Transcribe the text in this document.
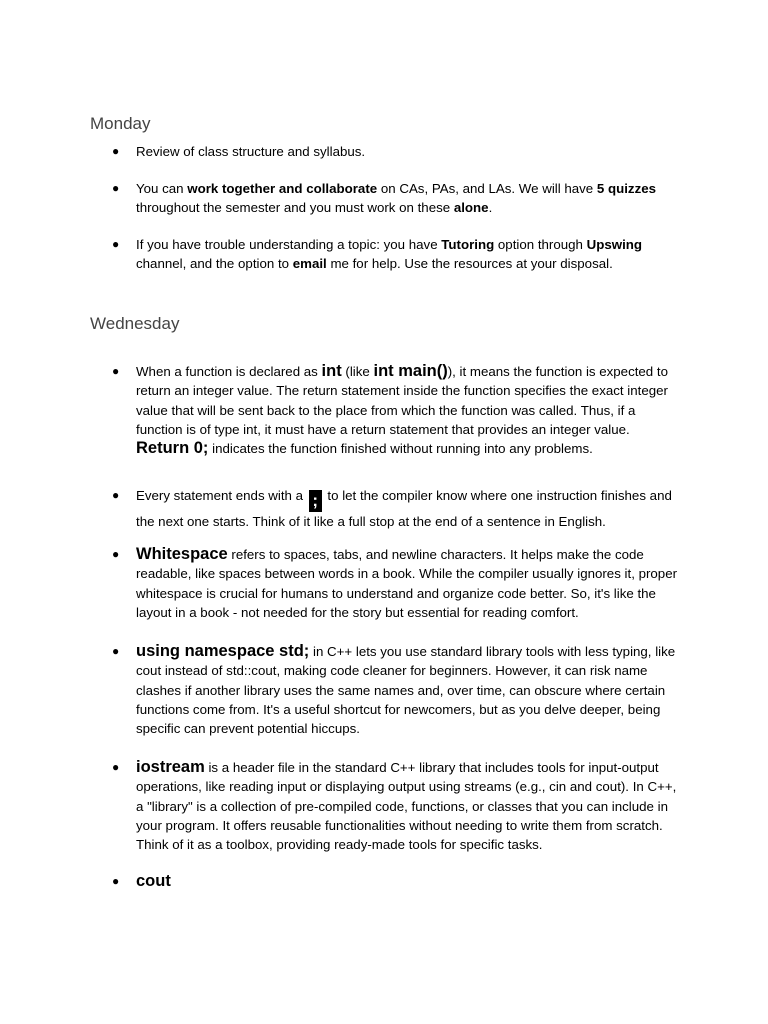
Monday
● Review of class structure and syllabus.

● You can work together and collaborate on CAs, PAs, and LAs. We will have 5 quizzes throughout the semester and you must work on these alone.

● If you have trouble understanding a topic: you have Tutoring option through Upswing channel, and the option to email me for help. Use the resources at your disposal.

Wednesday
● When a function is declared as int (like int main()), it means the function is expected to return an integer value. The return statement inside the function specifies the exact integer value that will be sent back to the place from which the function was called. Thus, if a function is of type int, it must have a return statement that provides an integer value. Return 0; indicates the function finished without running into any problems.

● Every statement ends with a ; to let the compiler know where one instruction finishes and the next one starts. Think of it like a full stop at the end of a sentence in English.

● Whitespace refers to spaces, tabs, and newline characters. It helps make the code readable, like spaces between words in a book. While the compiler usually ignores it, proper whitespace is crucial for humans to understand and organize code better. So, it's like the layout in a book - not needed for the story but essential for reading comfort.

● using namespace std; in C++ lets you use standard library tools with less typing, like cout instead of std::cout, making code cleaner for beginners. However, it can risk name clashes if another library uses the same names and, over time, can obscure where certain functions come from. It's a useful shortcut for newcomers, but as you delve deeper, being specific can prevent potential hiccups.

● iostream is a header file in the standard C++ library that includes tools for input-output operations, like reading input or displaying output using streams (e.g., cin and cout). In C++, a "library" is a collection of pre-compiled code, functions, or classes that you can include in your program. It offers reusable functionalities without needing to write them from scratch. Think of it as a toolbox, providing ready-made tools for specific tasks.

● cout
